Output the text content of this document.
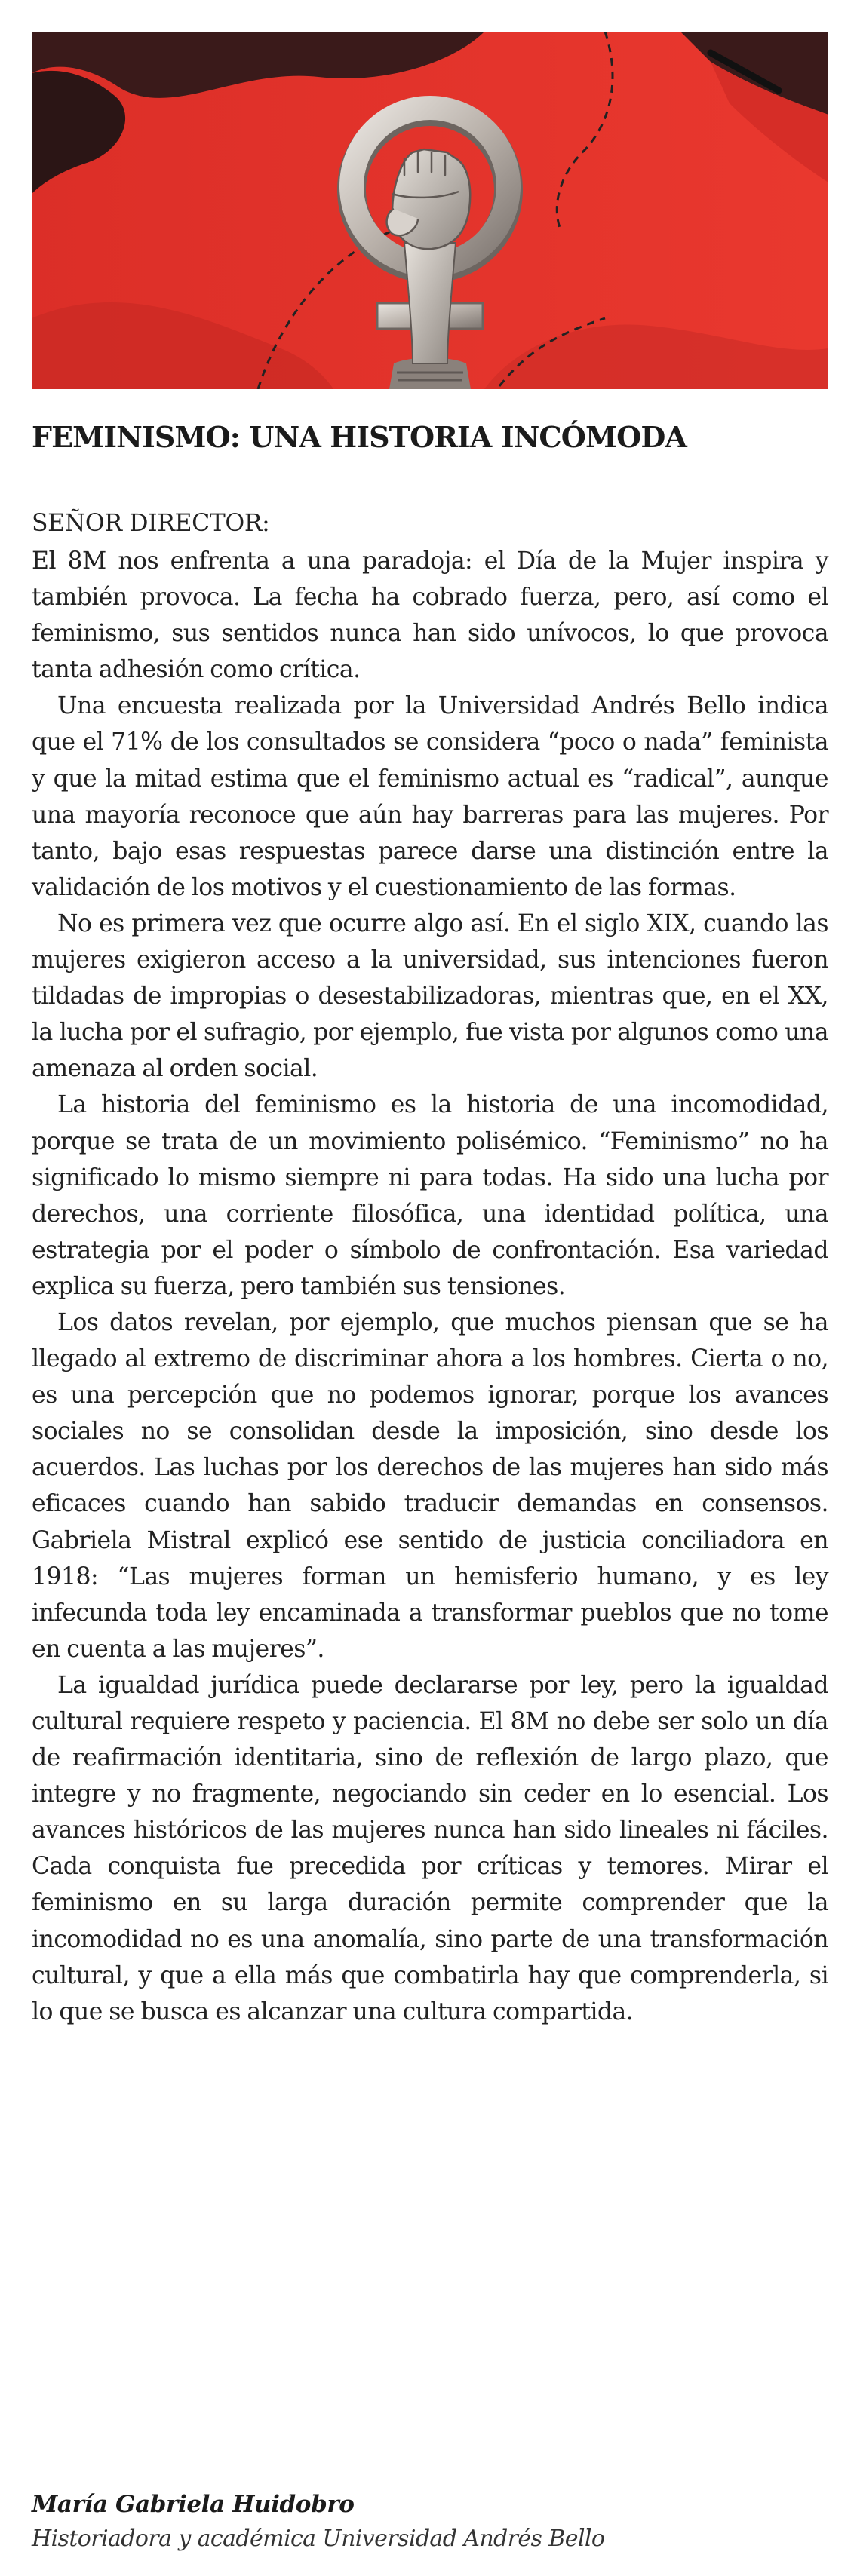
FEMINISMO: UNA HISTORIA INCÓMODA

SEÑOR DIRECTOR:

El 8M nos enfrenta a una paradoja: el Día de la Mujer inspira y también provoca. La fecha ha cobrado fuerza, pero, así como el feminismo, sus sentidos nunca han sido unívocos, lo que provoca tanta adhesión como crítica.

Una encuesta realizada por la Universidad Andrés Bello indica que el 71% de los consultados se considera “poco o nada” feminista y que la mitad estima que el feminismo actual es “radical”, aunque una mayoría reconoce que aún hay barreras para las mujeres. Por tanto, bajo esas respuestas parece darse una distinción entre la validación de los motivos y el cuestionamiento de las formas.

No es primera vez que ocurre algo así. En el siglo XIX, cuando las mujeres exigieron acceso a la universidad, sus intenciones fueron tildadas de impropias o desestabilizadoras, mientras que, en el XX, la lucha por el sufragio, por ejemplo, fue vista por algunos como una amenaza al orden social.

La historia del feminismo es la historia de una incomodidad, porque se trata de un movimiento polisémico. “Feminismo” no ha significado lo mismo siempre ni para todas. Ha sido una lucha por derechos, una corriente filosófica, una identidad política, una estrategia por el poder o símbolo de confrontación. Esa variedad explica su fuerza, pero también sus tensiones.

Los datos revelan, por ejemplo, que muchos piensan que se ha llegado al extremo de discriminar ahora a los hombres. Cierta o no, es una percepción que no podemos ignorar, porque los avances sociales no se consolidan desde la imposición, sino desde los acuerdos. Las luchas por los derechos de las mujeres han sido más eficaces cuando han sabido traducir demandas en consensos. Gabriela Mistral explicó ese sentido de justicia conciliadora en 1918: “Las mujeres forman un hemisferio humano, y es ley infecunda toda ley encaminada a transformar pueblos que no tome en cuenta a las mujeres”.

La igualdad jurídica puede declararse por ley, pero la igualdad cultural requiere respeto y paciencia. El 8M no debe ser solo un día de reafirmación identitaria, sino de reflexión de largo plazo, que integre y no fragmente, negociando sin ceder en lo esencial. Los avances históricos de las mujeres nunca han sido lineales ni fáciles. Cada conquista fue precedida por críticas y temores. Mirar el feminismo en su larga duración permite comprender que la incomodidad no es una anomalía, sino parte de una transformación cultural, y que a ella más que combatirla hay que comprenderla, si lo que se busca es alcanzar una cultura compartida.

María Gabriela Huidobro

Historiadora y académica Universidad Andrés Bello
